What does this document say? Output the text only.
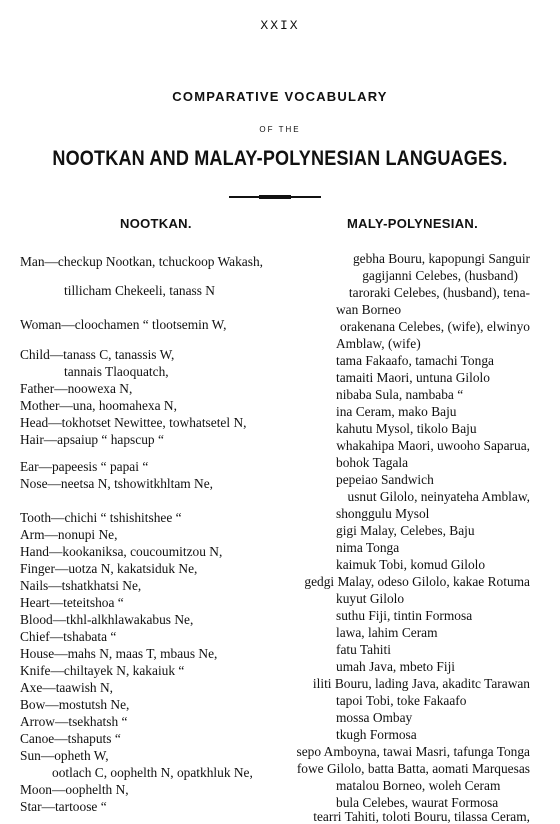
XXIX
COMPARATIVE VOCABULARY
OF THE
NOOTKAN AND MALAY-POLYNESIAN LANGUAGES.
NOOTKAN.	MALY-POLYNESIAN.
Man—checkup Nootkan, tchuckoop Wakash,
tillicham Chekeeli, tanass N
Woman—cloochamen “ tlootsemin W,
Child—tanass C, tanassis W,
tannais Tlaoquatch,
Father—noowexa N,
Mother—una, hoomahexa N,
Head—tokhotset Newittee, towhatsetel N,
Hair—apsaiup “ hapscup “
Ear—papeesis “ papai “
Nose—neetsa N, tshowitkhltam Ne,
Tooth—chichi “ tshishitshee “
Arm—nonupi Ne,
Hand—kookaniksa, coucoumitzou N,
Finger—uotza N, kakatsiduk Ne,
Nails—tshatkhatsi Ne,
Heart—teteitshoa “
Blood—tkhl-alkhlawakabus Ne,
Chief—tshabata “
House—mahs N, maas T, mbaus Ne,
Knife—chiltayek N, kakaiuk “
Axe—taawish N,
Bow—mostutsh Ne,
Arrow—tsekhatsh “
Canoe—tshaputs “
Sun—opheth W,
ootlach C, oophelth N, opatkhluk Ne,
Moon—oophelth N,
Star—tartoose “
gebha Bouru, kapopungi Sanguir
gagijanni Celebes, (husband)
taroraki Celebes, (husband), tena-
wan Borneo
orakenana Celebes, (wife), elwinyo
Amblaw, (wife)
tama Fakaafo, tamachi Tonga
tamaiti Maori, untuna Gilolo
nibaba Sula, nambaba “
ina Ceram, mako Baju
kahutu Mysol, tikolo Baju
whakahipa Maori, uwooho Saparua,
bohok Tagala
pepeiao Sandwich
usnut Gilolo, neinyateha Amblaw,
shonggulu Mysol
gigi Malay, Celebes, Baju
nima Tonga
kaimuk Tobi, komud Gilolo
gedgi Malay, odeso Gilolo, kakae Rotuma
kuyut Gilolo
suthu Fiji, tintin Formosa
lawa, lahim Ceram
fatu Tahiti
umah Java, mbeto Fiji
iliti Bouru, lading Java, akaditc Tarawan
tapoi Tobi, toke Fakaafo
mossa Ombay
tkugh Formosa
sepo Amboyna, tawai Masri, tafunga Tonga
fowe Gilolo, batta Batta, aomati Marquesas
matalou Borneo, woleh Ceram
bula Celebes, waurat Formosa
tearri Tahiti, toloti Bouru, tilassa Ceram,
